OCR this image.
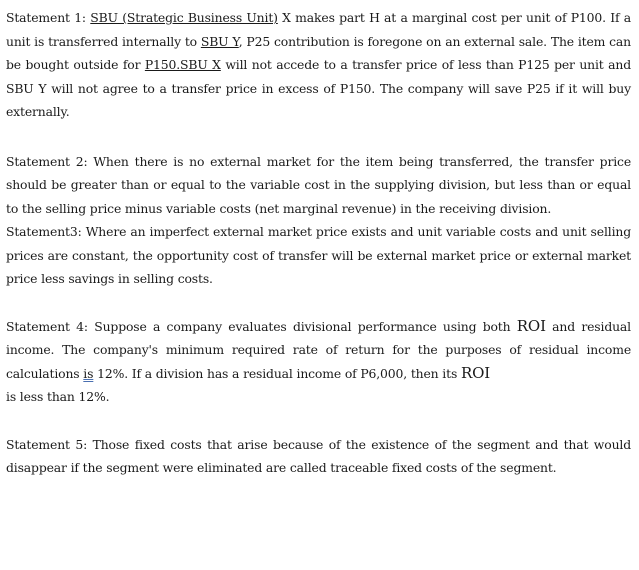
Statement 1: SBU (Strategic Business Unit) X makes part H at a marginal cost per unit of P100. If a unit is transferred internally to SBU Y, P25 contribution is foregone on an external sale. The item can be bought outside for P150.SBU X will not accede to a transfer price of less than P125 per unit and SBU Y will not agree to a transfer price in excess of P150. The company will save P25 if it will buy externally.

Statement 2: When there is no external market for the item being transferred, the transfer price should be greater than or equal to the variable cost in the supplying division, but less than or equal to the selling price minus variable costs (net marginal revenue) in the receiving division.

Statement3: Where an imperfect external market price exists and unit variable costs and unit selling prices are constant, the opportunity cost of transfer will be external market price or external market price less savings in selling costs.

Statement 4: Suppose a company evaluates divisional performance using both ROI and residual income. The company's minimum required rate of return for the purposes of residual income calculations is 12%. If a division has a residual income of P6,000, then its ROI
is less than 12%.

Statement 5: Those fixed costs that arise because of the existence of the segment and that would disappear if the segment were eliminated are called traceable fixed costs of the segment.
